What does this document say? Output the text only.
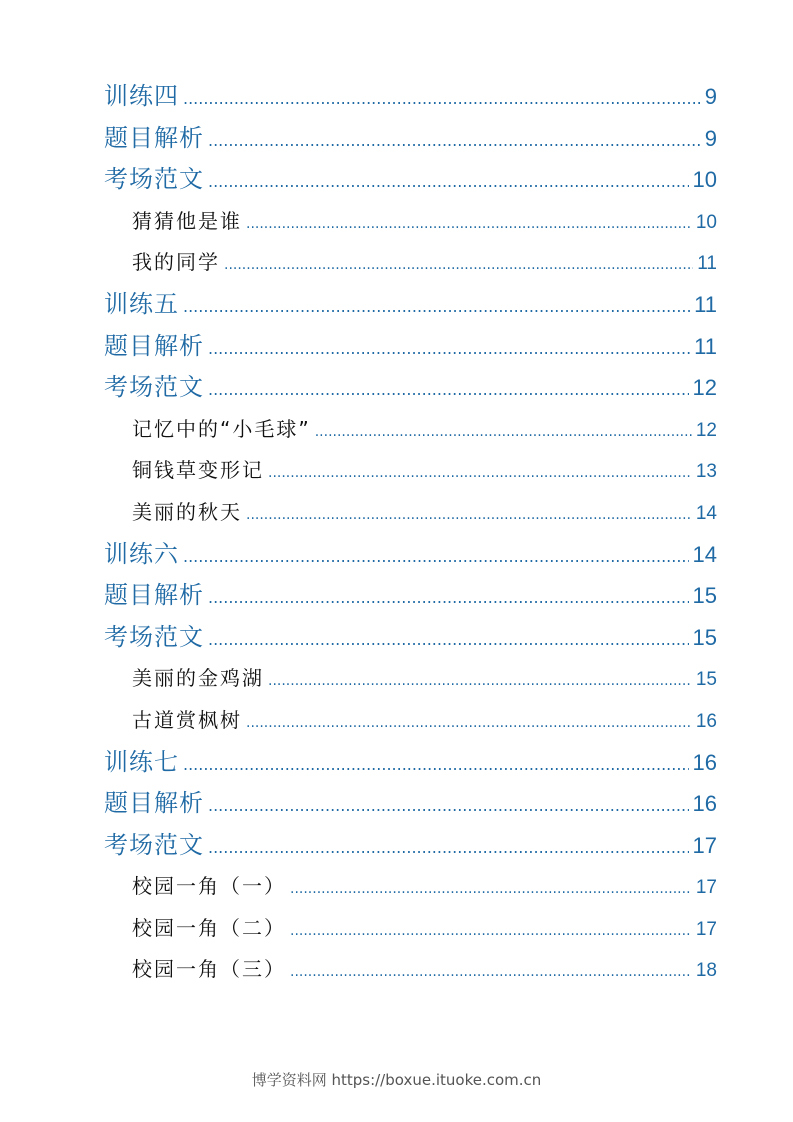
训练四 .....	9
题目解析 .....	9
考场范文 .....	10
猜猜他是谁 .....	10
我的同学 .....	11
训练五 .....	11
题目解析 .....	11
考场范文 .....	12
记忆中的“小毛球” .....	12
铜钱草变形记 .....	13
美丽的秋天 .....	14
训练六 .....	14
题目解析 .....	15
考场范文 .....	15
美丽的金鸡湖 .....	15
古道赏枫树 .....	16
训练七 .....	16
题目解析 .....	16
考场范文 .....	17
校园一角（一） .....	17
校园一角（二） .....	17
校园一角（三） .....	18
博学资料网 https://boxue.ituoke.com.cn
